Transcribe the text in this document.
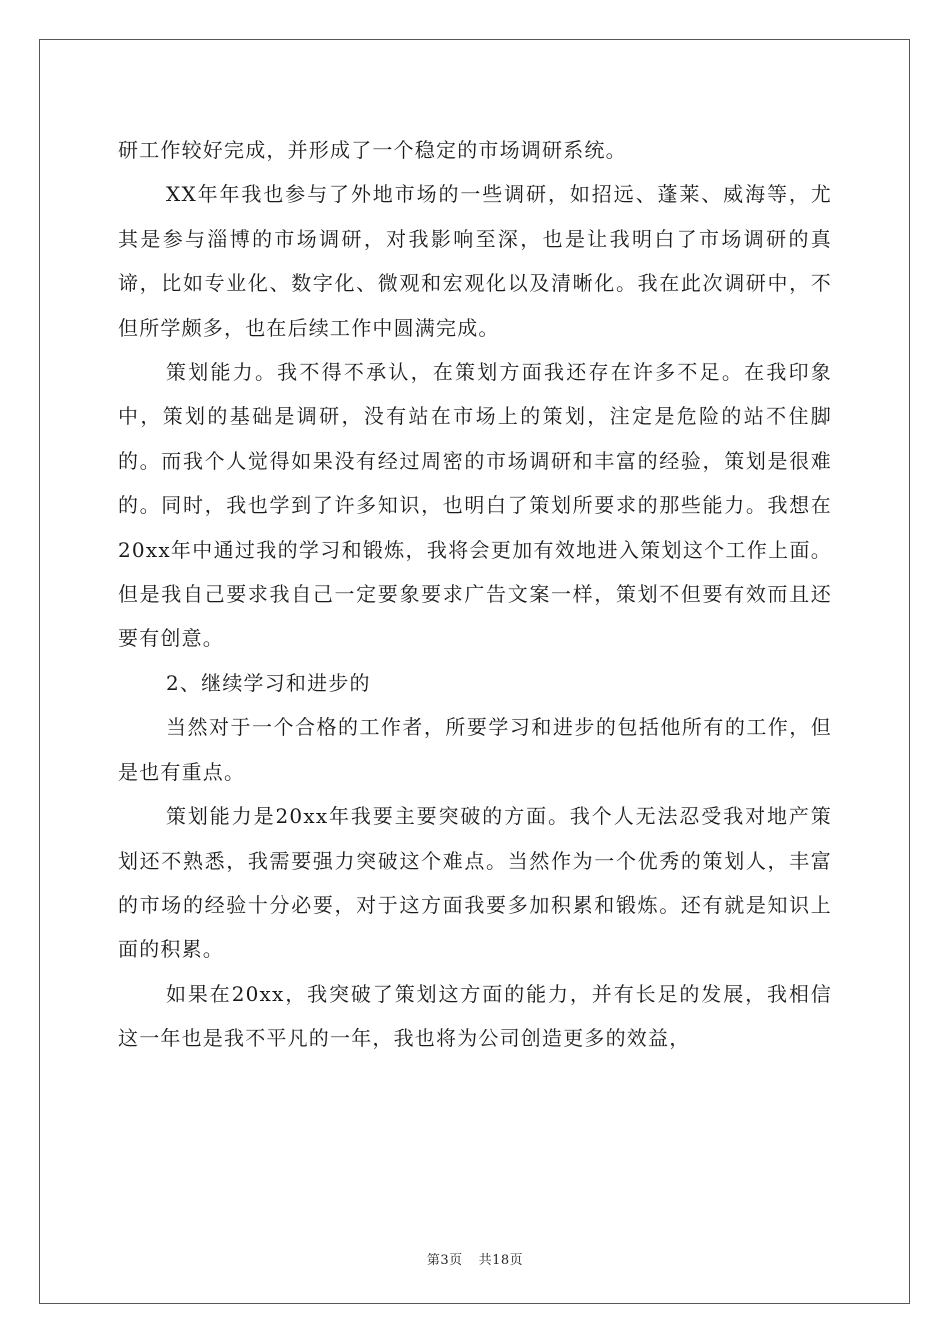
研工作较好完成，并形成了一个稳定的市场调研系统。

XX年年我也参与了外地市场的一些调研，如招远、蓬莱、威海等，尤其是参与淄博的市场调研，对我影响至深，也是让我明白了市场调研的真谛，比如专业化、数字化、微观和宏观化以及清晰化。我在此次调研中，不但所学颇多，也在后续工作中圆满完成。

策划能力。我不得不承认，在策划方面我还存在许多不足。在我印象中，策划的基础是调研，没有站在市场上的策划，注定是危险的站不住脚的。而我个人觉得如果没有经过周密的市场调研和丰富的经验，策划是很难的。同时，我也学到了许多知识，也明白了策划所要求的那些能力。我想在20xx年中通过我的学习和锻炼，我将会更加有效地进入策划这个工作上面。但是我自己要求我自己一定要象要求广告文案一样，策划不但要有效而且还要有创意。

2、继续学习和进步的

当然对于一个合格的工作者，所要学习和进步的包括他所有的工作，但是也有重点。

策划能力是20xx年我要主要突破的方面。我个人无法忍受我对地产策划还不熟悉，我需要强力突破这个难点。当然作为一个优秀的策划人，丰富的市场的经验十分必要，对于这方面我要多加积累和锻炼。还有就是知识上面的积累。

如果在20xx，我突破了策划这方面的能力，并有长足的发展，我相信这一年也是我不平凡的一年，我也将为公司创造更多的效益，

第3页 共18页
